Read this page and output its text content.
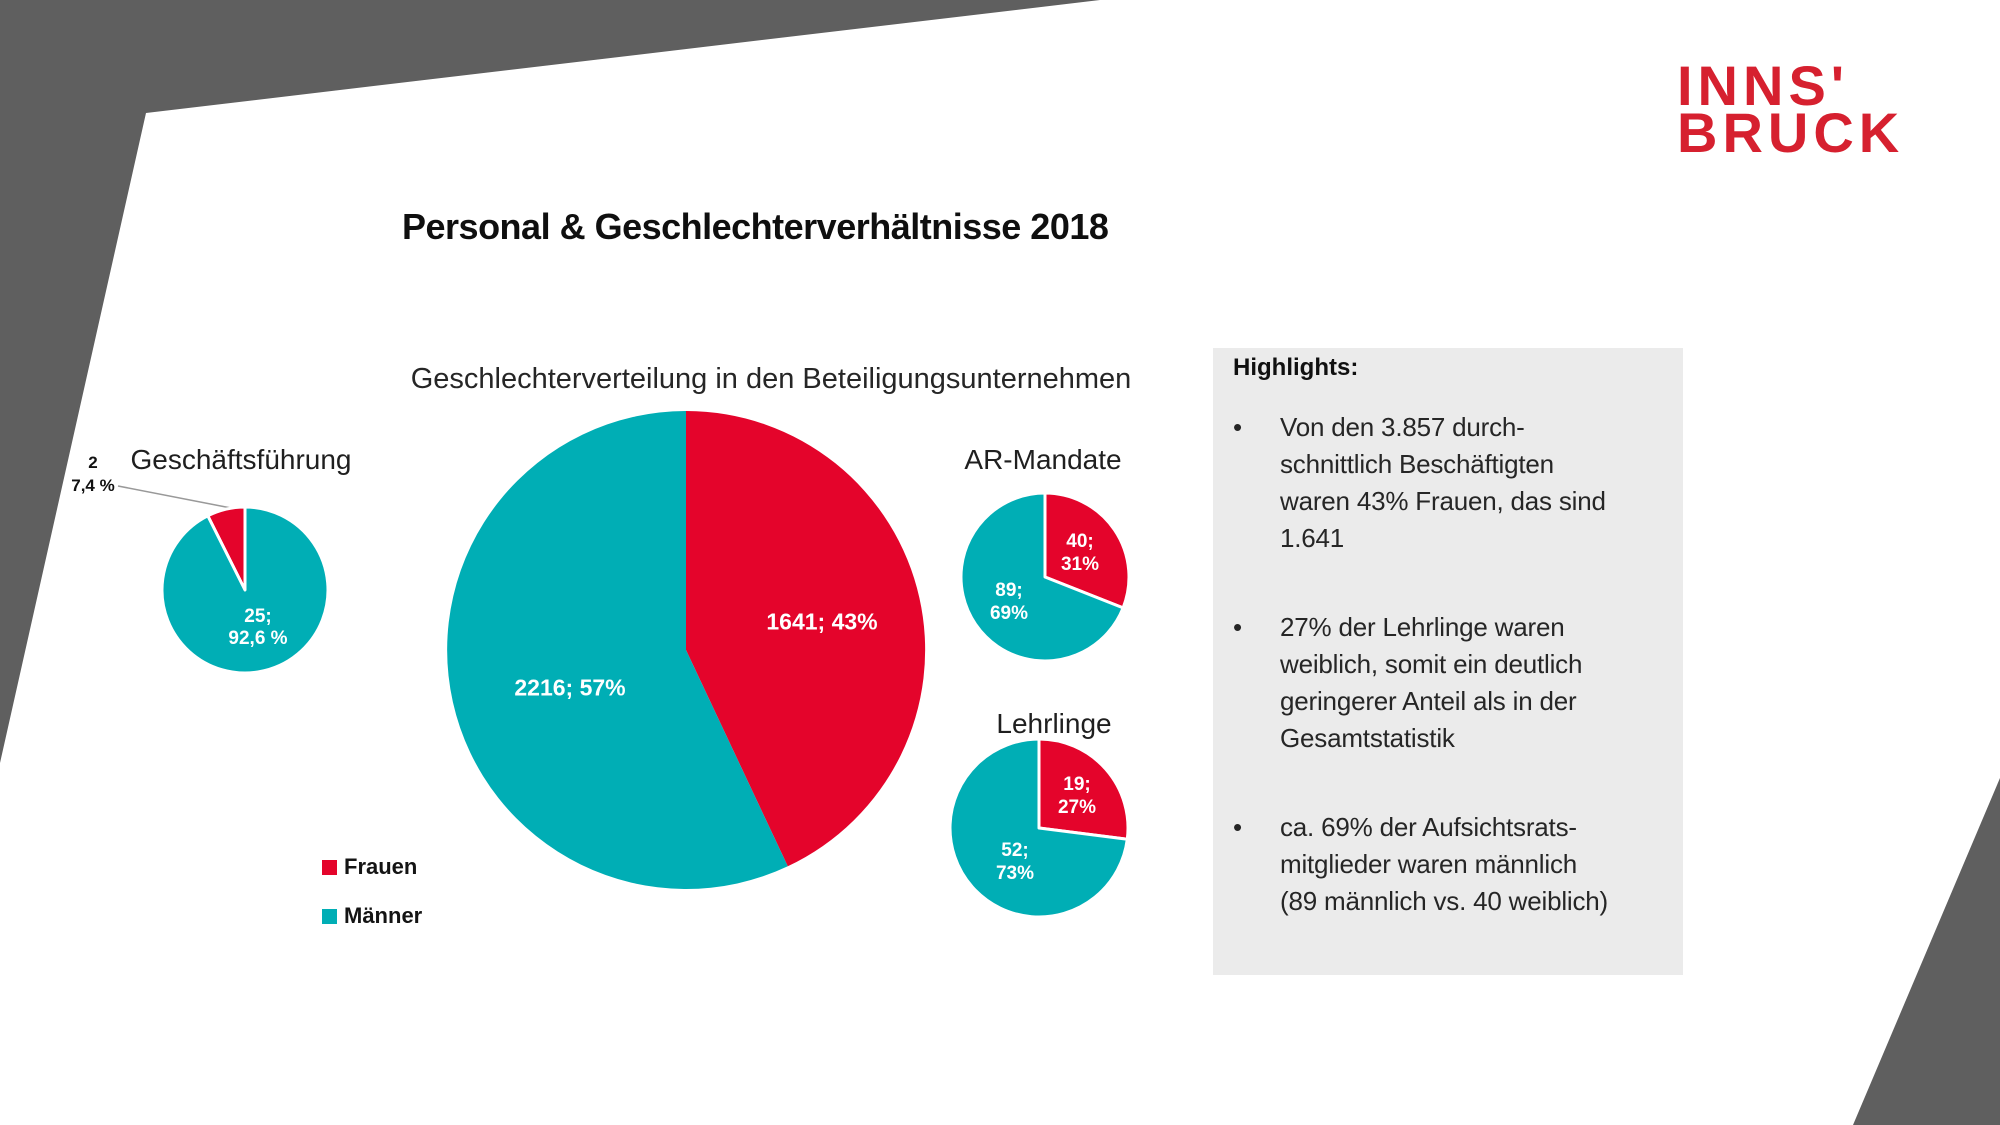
INNS'
BRUCK
Personal & Geschlechterverhältnisse 2018
Geschlechterverteilung in den Beteiligungsunternehmen
1641; 43%
2216; 57%
Geschäftsführung
25;
92,6 %
2
7,4 %
AR-Mandate
40;
31%
89;
69%
Lehrlinge
19;
27%
52;
73%
Frauen
Männer
Highlights:
•	Von den 3.857 durch-
schnittlich Beschäftigten
waren 43% Frauen, das sind
1.641
•	27% der Lehrlinge waren
weiblich, somit ein deutlich
geringerer Anteil als in der
Gesamtstatistik
•	ca. 69% der Aufsichtsrats-
mitglieder waren männlich
(89 männlich vs. 40 weiblich)
